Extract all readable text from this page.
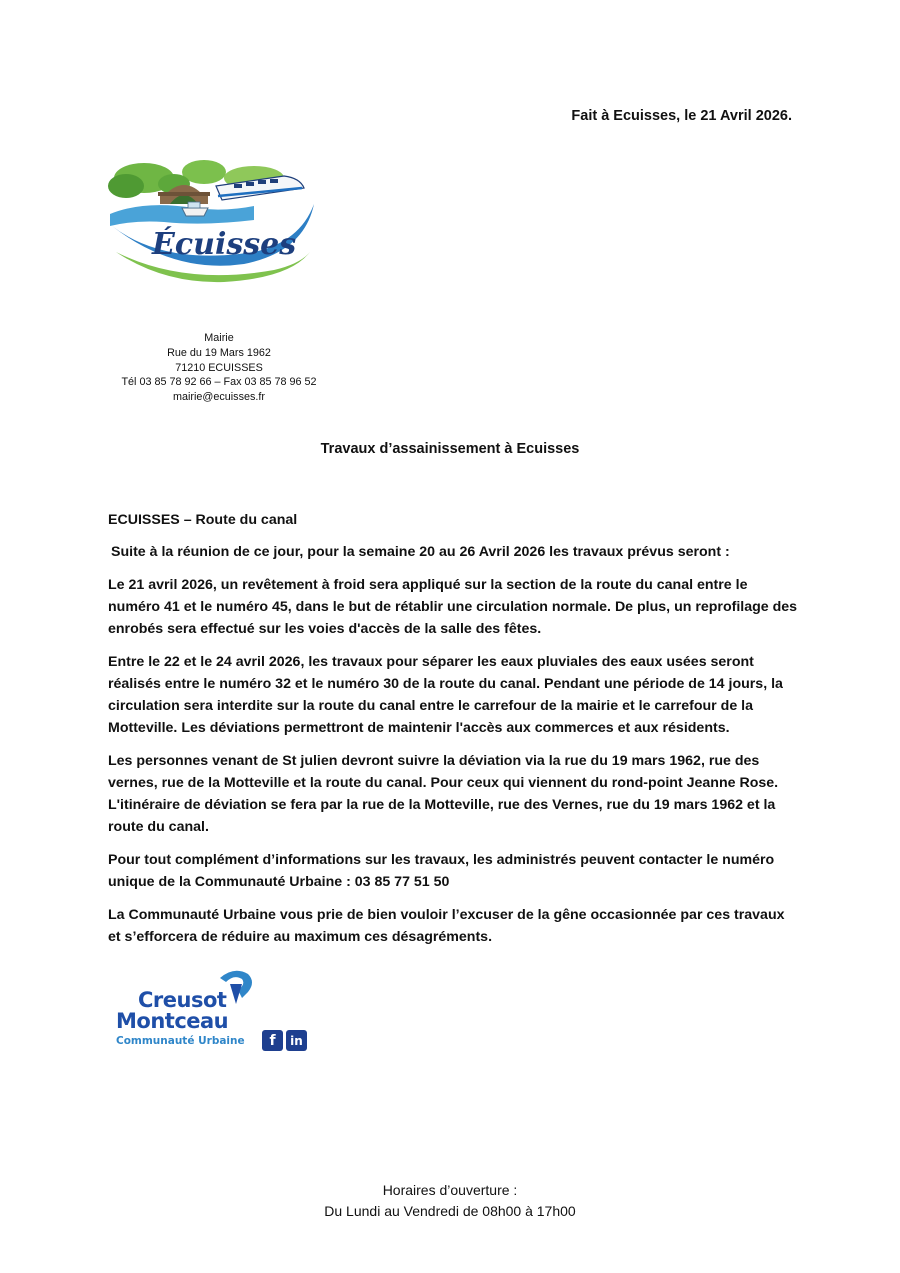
Fait à Ecuisses, le 21 Avril 2026.
Écuisses
Mairie
Rue du 19 Mars 1962
71210 ECUISSES
Tél 03 85 78 92 66 – Fax 03 85 78 96 52
mairie@ecuisses.fr
Travaux d’assainissement à Ecuisses

ECUISSES – Route du canal

Suite à la réunion de ce jour, pour la semaine 20 au 26 Avril 2026 les travaux prévus seront :

Le 21 avril 2026, un revêtement à froid sera appliqué sur la section de la route du canal entre le numéro 41 et le numéro 45, dans le but de rétablir une circulation normale. De plus, un reprofilage des enrobés sera effectué sur les voies d'accès de la salle des fêtes.

Entre le 22 et le 24 avril 2026, les travaux pour séparer les eaux pluviales des eaux usées seront réalisés entre le numéro 32 et le numéro 30 de la route du canal. Pendant une période de 14 jours, la circulation sera interdite sur la route du canal entre le carrefour de la mairie et le carrefour de la Motteville. Les déviations permettront de maintenir l'accès aux commerces et aux résidents.

Les personnes venant de St julien devront suivre la déviation via la rue du 19 mars 1962, rue des vernes, rue de la Motteville et la route du canal. Pour ceux qui viennent du rond-point Jeanne Rose. L'itinéraire de déviation se fera par la rue de la Motteville, rue des Vernes, rue du 19 mars 1962 et la route du canal.

Pour tout complément d’informations sur les travaux, les administrés peuvent contacter le numéro unique de la Communauté Urbaine : 03 85 77 51 50

La Communauté Urbaine vous prie de bien vouloir l’excuser de la gêne occasionnée par ces travaux et s’efforcera de réduire au maximum ces désagréments.

Creusot
Montceau
Communauté Urbaine	f	in
Horaires d’ouverture :
Du Lundi au Vendredi de 08h00 à 17h00
